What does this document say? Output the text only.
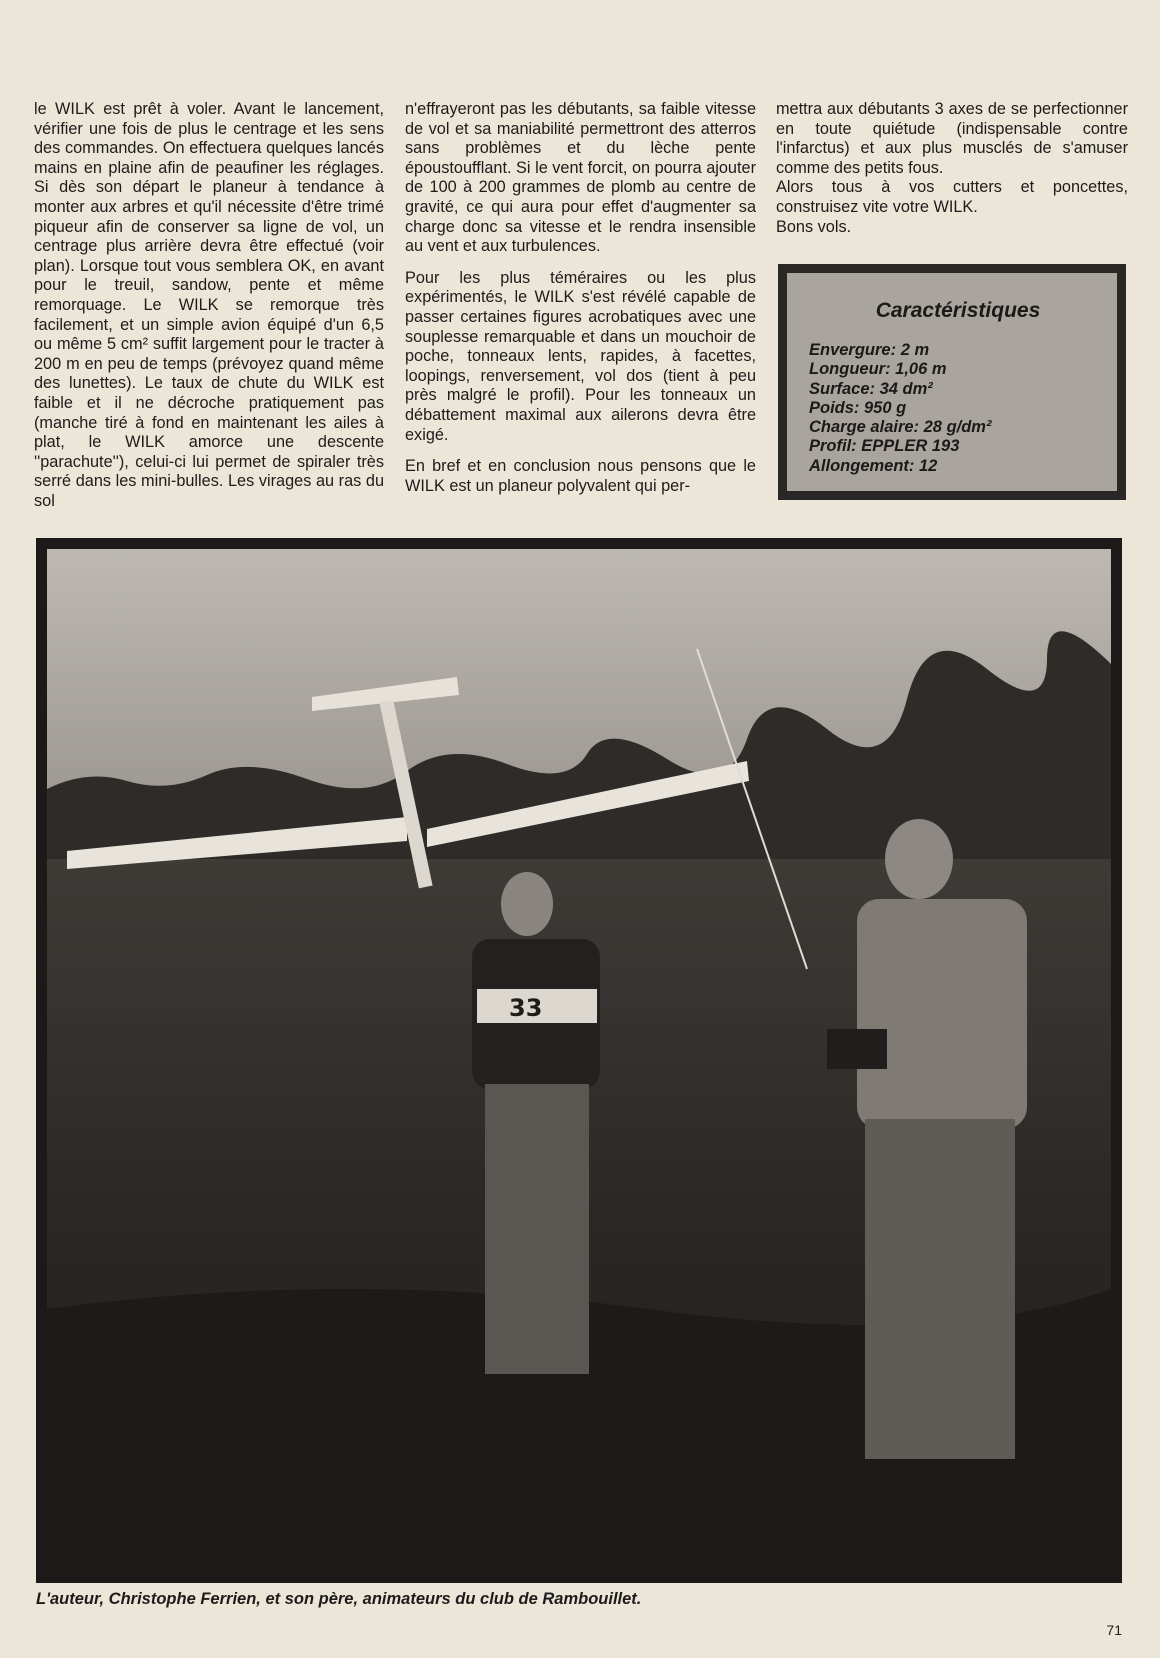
le WILK est prêt à voler. Avant le lancement, vérifier une fois de plus le centrage et les sens des commandes. On effectuera quelques lancés mains en plaine afin de peaufiner les réglages. Si dès son départ le planeur à tendance à monter aux arbres et qu'il nécessite d'être trimé piqueur afin de conserver sa ligne de vol, un centrage plus arrière devra être effectué (voir plan). Lorsque tout vous semblera OK, en avant pour le treuil, sandow, pente et même remorquage. Le WILK se remorque très facilement, et un simple avion équipé d'un 6,5 ou même 5 cm² suffit largement pour le tracter à 200 m en peu de temps (prévoyez quand même des lunettes). Le taux de chute du WILK est faible et il ne décroche pratiquement pas (manche tiré à fond en maintenant les ailes à plat, le WILK amorce une descente ''parachute''), celui-ci lui permet de spiraler très serré dans les mini-bulles. Les virages au ras du sol

n'effrayeront pas les débutants, sa faible vitesse de vol et sa maniabilité permettront des atterros sans problèmes et du lèche pente époustoufflant. Si le vent forcit, on pourra ajouter de 100 à 200 grammes de plomb au centre de gravité, ce qui aura pour effet d'augmenter sa charge donc sa vitesse et le rendra insensible au vent et aux turbulences.

Pour les plus téméraires ou les plus expérimentés, le WILK s'est révélé capable de passer certaines figures acrobatiques avec une souplesse remarquable et dans un mouchoir de poche, tonneaux lents, rapides, à facettes, loopings, renversement, vol dos (tient à peu près malgré le profil). Pour les tonneaux un débattement maximal aux ailerons devra être exigé.

En bref et en conclusion nous pensons que le WILK est un planeur polyvalent qui per-

mettra aux débutants 3 axes de se perfectionner en toute quiétude (indispensable contre l'infarctus) et aux plus musclés de s'amuser comme des petits fous.

Alors tous à vos cutters et poncettes, construisez vite votre WILK.

Bons vols.

Caractéristiques
Envergure: 2 m
Longueur: 1,06 m
Surface: 34 dm²
Poids: 950 g
Charge alaire: 28 g/dm²
Profil: EPPLER 193
Allongement: 12
33
L'auteur, Christophe Ferrien, et son père, animateurs du club de Rambouillet.
71
